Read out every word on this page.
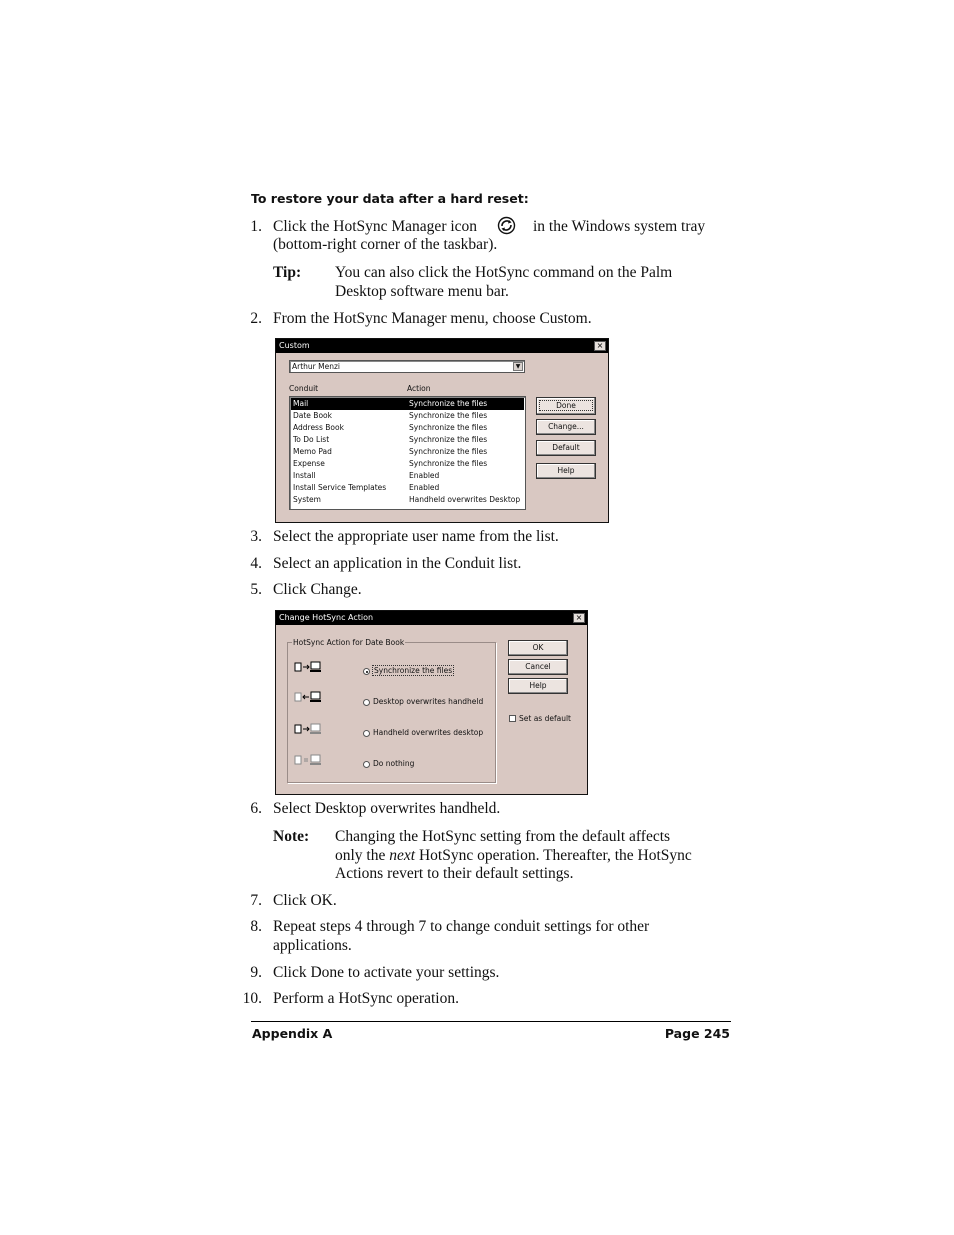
To restore your data after a hard reset:
1. Click the HotSync Manager icon	in the Windows system tray
(bottom-right corner of the taskbar).
Tip: You can also click the HotSync command on the Palm
Desktop software menu bar.
2. From the HotSync Manager menu, choose Custom.
Custom	×
Arthur Menzi	▼
Conduit	Action
Mail	Synchronize the files
Date Book	Synchronize the files
Address Book	Synchronize the files
To Do List	Synchronize the files
Memo Pad	Synchronize the files
Expense	Synchronize the files
Install	Enabled
Install Service Templates	Enabled
System	Handheld overwrites Desktop
Done
Change...
Default
Help
3. Select the appropriate user name from the list.
4. Select an application in the Conduit list.
5. Click Change.
Change HotSync Action	×
HotSync Action for Date Book
Synchronize the files
Desktop overwrites handheld
Handheld overwrites desktop
Do nothing
OK
Cancel
Help
Set as default
6. Select Desktop overwrites handheld.
Note: Changing the HotSync setting from the default affects
only the next HotSync operation. Thereafter, the HotSync
Actions revert to their default settings.
7. Click OK.
8. Repeat steps 4 through 7 to change conduit settings for other
applications.
9. Click Done to activate your settings.
10. Perform a HotSync operation.
Appendix A	Page 245
